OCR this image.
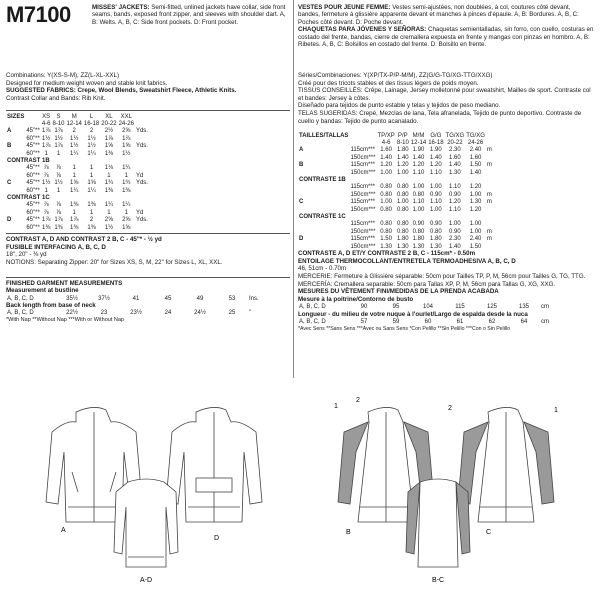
M7100	MISSES' JACKETS: Semi-fitted, unlined jackets have collar, side front seams, bands, exposed front zipper, and sleeves with shoulder dart. A, B: Welts. A, B, C: Side front pockets. D: Front pocket.
VESTES POUR JEUNE FEMME: Vestes semi-ajustées, non doublées, à col, coutures côté devant, bandes, fermeture à glissière apparente devant et manches à pinces d'épaule. A, B: Bordures. A, B, C: Poches côté devant. D: Poche devant.
CHAQUETAS PARA JÓVENES Y SEÑORAS: Chaquetas semientalladas, sin forro, con cuello, costuras en costado del frente, bandas, cierre de cremallera expuesta en frente y mangas con pinzas en hombro. A, B: Ribetes. A, B, C: Bolsillos en costado del frente. D: Bolsillo en frente.
Combinations: Y(XS-S-M), ZZ(L-XL-XXL)
Designed for medium weight woven and stable knit fabrics.
SUGGESTED FABRICS: Crepe, Wool Blends, Sweatshirt Fleece, Athletic Knits.
Contrast Collar and Bands: Rib Knit.
SIZES		XS	S	M	L	XL	XXL	
		4-6	8-10	12-14	16-18	20-22	24-26	
A	45"**	1⅞	1⅞	2	2	2½	2⅝	Yds.
	60"**	1½	1½	1½	1½	1⅞	1⅞	
B	45"**	1⅞	1⅞	1½	1½	1⅝	1⅝	Yds.
	60"**	1	1	1¼	1¼	1⅜	1½	
CONTRAST 1B								
	45"**	⅞	⅞	1	1	1⅛	1¼	
	60"**	⅞	⅞	1	1	1	1	Yd
C	45"**	1½	1½	1⅝	1⅝	1¾	1¾	Yds.
	60"**	1	1	1¼	1¼	1⅜	1⅜	
CONTRAST 1C								
	45"**	⅞	⅞	1⅜	1⅜	1¼	1¼	
	60"**	⅞	⅞	1	1	1	1	Yd
D	45"**	1⅞	1⅞	1⅞	2	2⅝	2⅝	Yds.
	60"**	1⅜	1⅜	1⅜	1⅜	1½	1⅝	
CONTRAST A, D AND CONTRAST 2 B, C - 45"* - ½ yd
FUSIBLE INTERFACING A, B, C, D
18", 20" - ⅜ yd
NOTIONS: Separating Zipper: 20" for Sizes XS, S, M, 22" for Sizes L, XL, XXL.
FINISHED GARMENT MEASUREMENTS
Measurement at bustline
A, B, C, D	35½	37½	41	45	49	53	Ins.
Back length from base of neck
A, B, C, D	22½	23	23½	24	24½	25	"
*With Nap **Without Nap ***With or Without Nap
Séries/Combinaciones: Y(XP/TX-P/P-M/M), ZZ(G/G-TG/XG-TTG/XXG)
Créé pour des tricots stables et des tissus légers de poids moyen.
TISSUS CONSEILLÉS: Crêpe, Lainage, Jersey molletonné pour sweatshirt, Mailles de sport. Contraste col et bandes: Jersey à côtes.
Diseñado para tejidos de punto estable y telas y tejidos de peso mediano.
TELAS SUGERIDAS: Crepé, Mezclas de lana, Tela afranelada, Tejido de punto deportivo. Contraste de cuello y bandas: Tejido de punto acanalado.
TAILLES/TALLAS		TP/XP	P/P	M/M	G/G	TG/XG	TG/XG	
		4-6	8-10	12-14	16-18	20-22	24-26	
A	115cm***	1.60	1.80	1.90	1.90	2.30	2.40	m
	150cm***	1.40	1.40	1.40	1.40	1.60	1.60	
B	115cm***	1.20	1.20	1.20	1.20	1.40	1.50	m
	150cm***	1.00	1.00	1.10	1.10	1.30	1.40	
CONTRASTE 1B								
	115cm***	0.80	0.80	1.00	1.00	1.10	1.20	
	150cm***	0.80	0.80	0.80	0.90	0.90	1.00	m
C	115cm***	1.00	1.00	1.10	1.10	1.20	1.30	m
	150cm***	0.80	0.80	1.00	1.00	1.10	1.20	
CONTRASTE 1C								
	115cm***	0.80	0.80	0.90	0.90	1.00	1.00	
	150cm***	0.80	0.80	0.80	0.80	0.90	1.00	m
D	115cm***	1.50	1.80	1.80	1.80	2.30	2.40	m
	150cm***	1.30	1.30	1.30	1.30	1.40	1.50	
CONTRASTE A, D ET/Y CONTRASTE 2 B, C - 115cm* - 0.50m
ENTOILAGE THERMOCOLLANT/ENTRETELA TERMOADHESIVA A, B, C, D
46, 51cm - 0.70m
MERCERIE: Fermeture à Glissière séparable: 50cm pour Tailles TP, P, M, 56cm pour Tailles G, TG, TTG.
MERCERÍA: Cremallera separable: 50cm para Tallas XP, P, M, 56cm para Tallas G, XG, XXG.
MESURES DU VÊTEMENT FINI/MEDIDAS DE LA PRENDA ACABADA
Mesure à la poitrine/Contorno de busto
A, B, C, D	90	95	104	115	125	135	cm
Longueur - du milieu de votre nuque à l'ourlet/Largo de espalda desde la nuca
A, B, C, D	57	59	60	61	62	64	cm
*Avec Sens **Sans Sens ***Avec ou Sans Sens *Con Pelillo **Sin Pelillo ***Con o Sin Pelillo
A
D
A-D
B	C
B-C
1
2
2	1
